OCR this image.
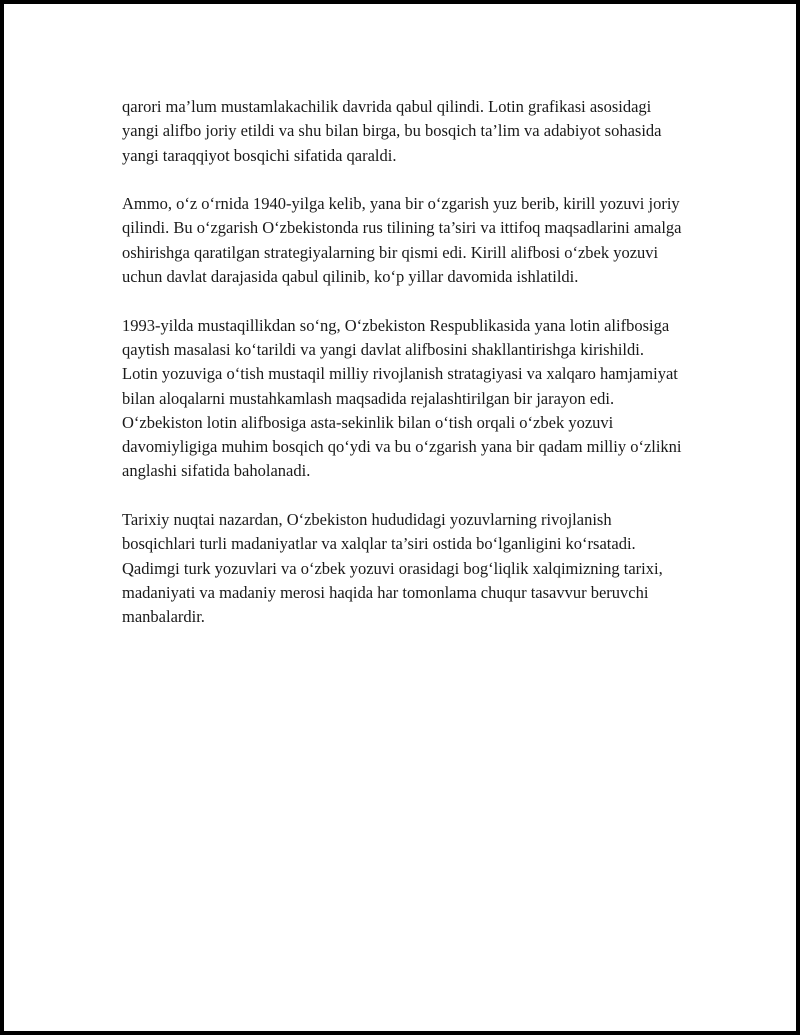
qarori ma’lum mustamlakachilik davrida qabul qilindi. Lotin grafikasi asosidagi yangi alifbo joriy etildi va shu bilan birga, bu bosqich ta’lim va adabiyot sohasida yangi taraqqiyot bosqichi sifatida qaraldi.

Ammo, o‘z o‘rnida 1940-yilga kelib, yana bir o‘zgarish yuz berib, kirill yozuvi joriy qilindi. Bu o‘zgarish O‘zbekistonda rus tilining ta’siri va ittifoq maqsadlarini amalga oshirishga qaratilgan strategiyalarning bir qismi edi. Kirill alifbosi o‘zbek yozuvi uchun davlat darajasida qabul qilinib, ko‘p yillar davomida ishlatildi.

1993-yilda mustaqillikdan so‘ng, O‘zbekiston Respublikasida yana lotin alifbosiga qaytish masalasi ko‘tarildi va yangi davlat alifbosini shakllantirishga kirishildi. Lotin yozuviga o‘tish mustaqil milliy rivojlanish stratagiyasi va xalqaro hamjamiyat bilan aloqalarni mustahkamlash maqsadida rejalashtirilgan bir jarayon edi. O‘zbekiston lotin alifbosiga asta-sekinlik bilan o‘tish orqali o‘zbek yozuvi davomiyligiga muhim bosqich qo‘ydi va bu o‘zgarish yana bir qadam milliy o‘zlikni anglashi sifatida baholanadi.

Tarixiy nuqtai nazardan, O‘zbekiston hududidagi yozuvlarning rivojlanish bosqichlari turli madaniyatlar va xalqlar ta’siri ostida bo‘lganligini ko‘rsatadi. Qadimgi turk yozuvlari va o‘zbek yozuvi orasidagi bog‘liqlik xalqimizning tarixi, madaniyati va madaniy merosi haqida har tomonlama chuqur tasavvur beruvchi manbalardir.
